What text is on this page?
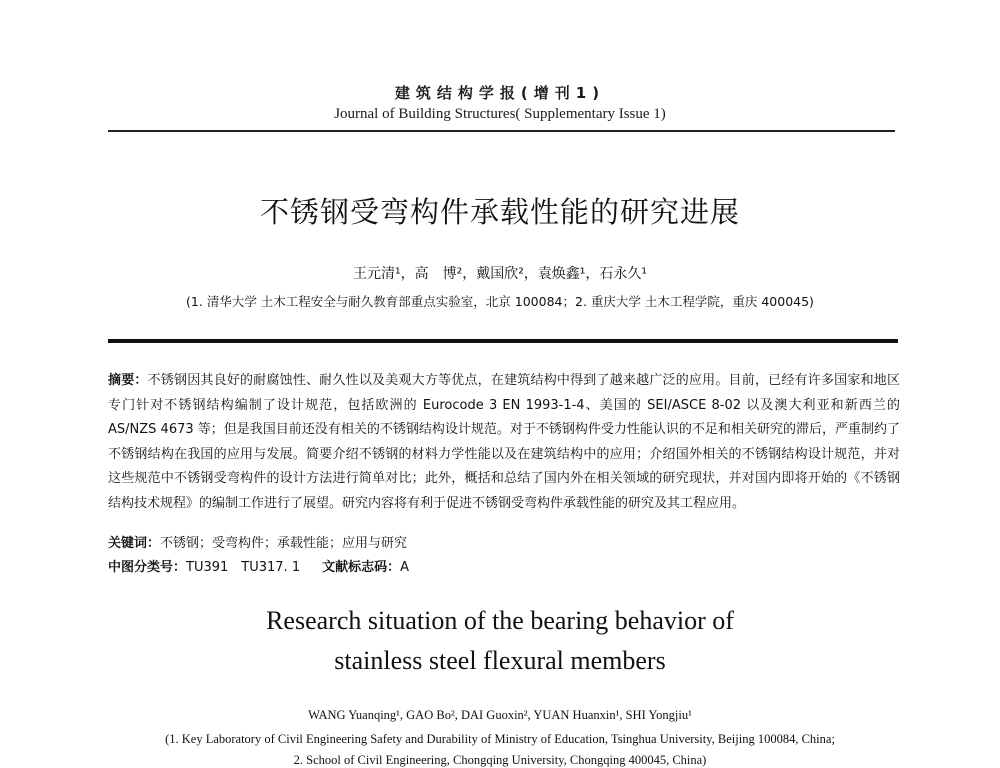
建筑结构学报(增刊1)
Journal of Building Structures( Supplementary Issue 1)
不锈钢受弯构件承载性能的研究进展
王元清¹，高　博²，戴国欣²，袁焕鑫¹，石永久¹
(1. 清华大学 土木工程安全与耐久教育部重点实验室，北京 100084；2. 重庆大学 土木工程学院，重庆 400045)
摘要：不锈钢因其良好的耐腐蚀性、耐久性以及美观大方等优点，在建筑结构中得到了越来越广泛的应用。目前，已经有许多国家和地区专门针对不锈钢结构编制了设计规范，包括欧洲的 Eurocode 3 EN 1993-1-4、美国的 SEI/ASCE 8-02 以及澳大利亚和新西兰的 AS/NZS 4673 等；但是我国目前还没有相关的不锈钢结构设计规范。对于不锈钢构件受力性能认识的不足和相关研究的滞后，严重制约了不锈钢结构在我国的应用与发展。简要介绍不锈钢的材料力学性能以及在建筑结构中的应用；介绍国外相关的不锈钢结构设计规范，并对这些规范中不锈钢受弯构件的设计方法进行简单对比；此外，概括和总结了国内外在相关领域的研究现状，并对国内即将开始的《不锈钢结构技术规程》的编制工作进行了展望。研究内容将有利于促进不锈钢受弯构件承载性能的研究及其工程应用。
关键词：不锈钢；受弯构件；承载性能；应用与研究
中图分类号：TU391　TU317. 1 文献标志码：A
Research situation of the bearing behavior of
stainless steel flexural members
WANG Yuanqing¹, GAO Bo², DAI Guoxin², YUAN Huanxin¹, SHI Yongjiu¹
(1. Key Laboratory of Civil Engineering Safety and Durability of Ministry of Education, Tsinghua University, Beijing 100084, China;
2. School of Civil Engineering, Chongqing University, Chongqing 400045, China)
